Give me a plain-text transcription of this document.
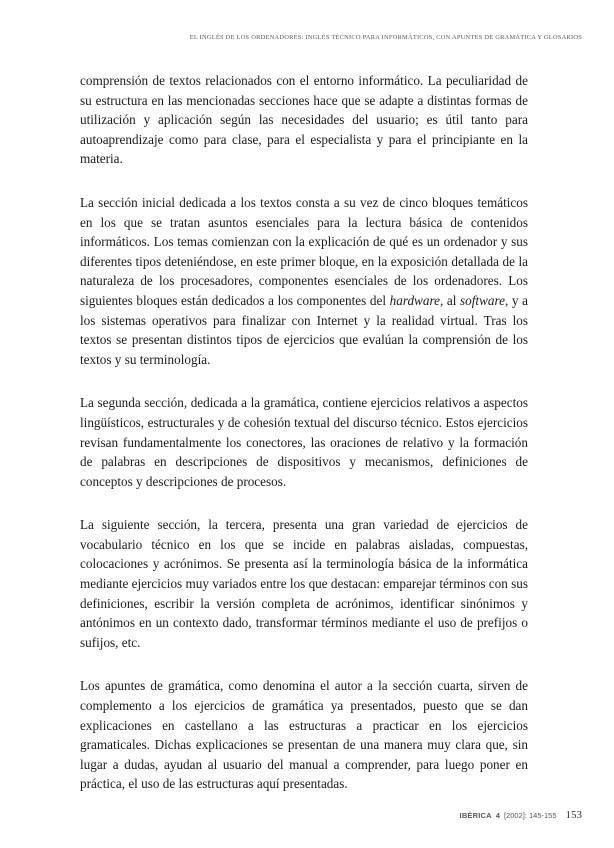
EL INGLÉS DE LOS ORDENADORES: INGLÉS TÉCNICO PARA INFORMÁTICOS, CON APUNTES DE GRAMÁTICA Y GLOSARIOS

comprensión de textos relacionados con el entorno informático. La peculiaridad de su estructura en las mencionadas secciones hace que se adapte a distintas formas de utilización y aplicación según las necesidades del usuario; es útil tanto para autoaprendizaje como para clase, para el especialista y para el principiante en la materia.

La sección inicial dedicada a los textos consta a su vez de cinco bloques temáticos en los que se tratan asuntos esenciales para la lectura básica de contenidos informáticos. Los temas comienzan con la explicación de qué es un ordenador y sus diferentes tipos deteniéndose, en este primer bloque, en la exposición detallada de la naturaleza de los procesadores, componentes esenciales de los ordenadores. Los siguientes bloques están dedicados a los componentes del hardware, al software, y a los sistemas operativos para finalizar con Internet y la realidad virtual. Tras los textos se presentan distintos tipos de ejercicios que evalúan la comprensión de los textos y su terminología.

La segunda sección, dedicada a la gramática, contiene ejercicios relativos a aspectos lingüísticos, estructurales y de cohesión textual del discurso técnico. Estos ejercicios revisan fundamentalmente los conectores, las oraciones de relativo y la formación de palabras en descripciones de dispositivos y mecanismos, definiciones de conceptos y descripciones de procesos.

La siguiente sección, la tercera, presenta una gran variedad de ejercicios de vocabulario técnico en los que se incide en palabras aisladas, compuestas, colocaciones y acrónimos. Se presenta así la terminología básica de la informática mediante ejercicios muy variados entre los que destacan: emparejar términos con sus definiciones, escribir la versión completa de acrónimos, identificar sinónimos y antónimos en un contexto dado, transformar términos mediante el uso de prefijos o sufijos, etc.

Los apuntes de gramática, como denomina el autor a la sección cuarta, sirven de complemento a los ejercicios de gramática ya presentados, puesto que se dan explicaciones en castellano a las estructuras a practicar en los ejercicios gramaticales. Dichas explicaciones se presentan de una manera muy clara que, sin lugar a dudas, ayudan al usuario del manual a comprender, para luego poner en práctica, el uso de las estructuras aquí presentadas.

IBÉRICA 4 [2002]: 145-155 153
